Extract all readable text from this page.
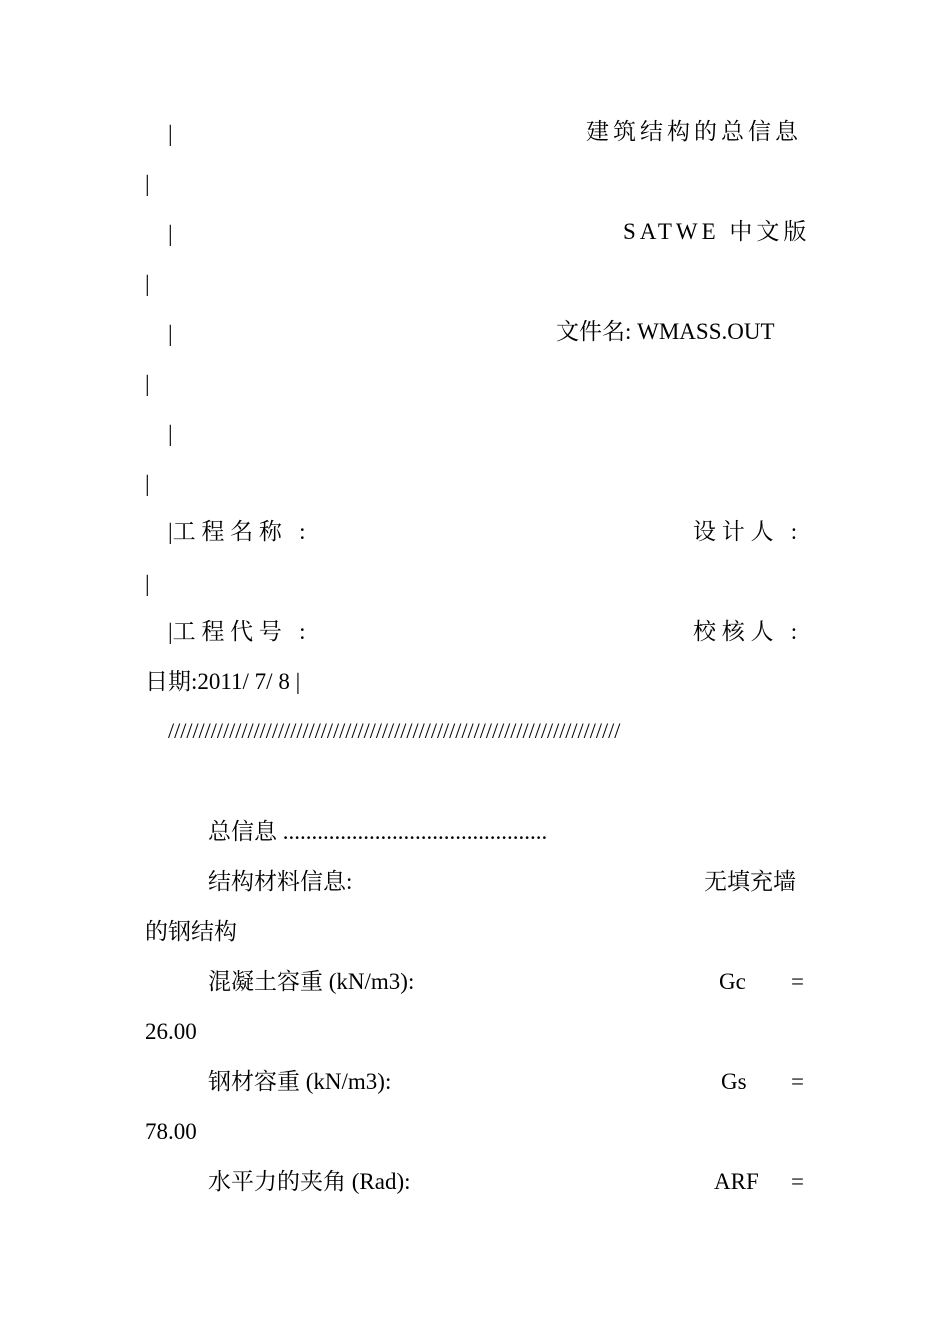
|	建筑结构的总信息
|
|	SATWE 中文版
|
|	文件名: WMASS.OUT
|
|
|
|工 程 名 称   :	设 计 人   :
|
|工 程 代 号   :	校 核 人   :
日期:2011/ 7/ 8 |
//////////////////////////////////////////////////////////////////////////
总信息 ..............................................
结构材料信息:	无填充墙
的钢结构
混凝土容重 (kN/m3):	Gc =
26.00
钢材容重 (kN/m3):	Gs =
78.00
水平力的夹角 (Rad):	ARF =
